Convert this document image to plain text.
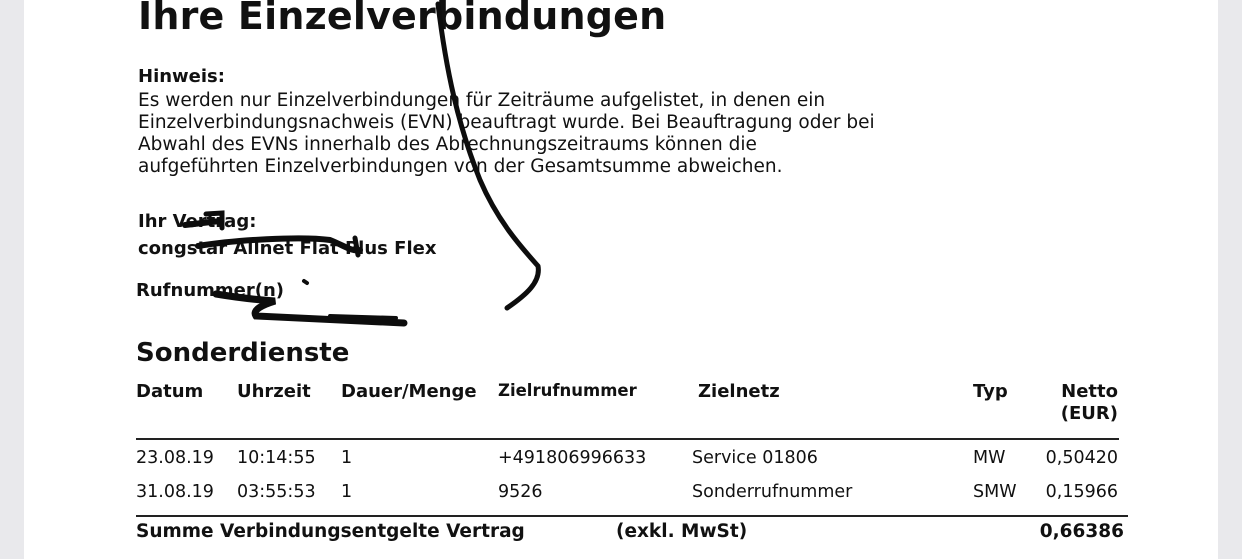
Ihre Einzelverbindungen
Hinweis:
Es werden nur Einzelverbindungen für Zeiträume aufgelistet, in denen ein
Einzelverbindungsnachweis (EVN) beauftragt wurde. Bei Beauftragung oder bei
Abwahl des EVNs innerhalb des Abrechnungszeitraums können die
aufgeführten Einzelverbindungen von der Gesamtsumme abweichen.
Ihr Vertrag:
congstar Allnet Flat Plus Flex
Rufnummer(n)
Sonderdienste
Datum Uhrzeit Dauer/Menge Zielrufnummer	Zielnetz	Typ	Netto
(EUR)
23.08.19 10:14:55 1	+491806996633	Service 01806	MW	0,50420
31.08.19 03:55:53 1	9526	Sonderrufnummer	SMW	0,15966
Summe Verbindungsentgelte Vertrag	(exkl. MwSt)	0,66386
